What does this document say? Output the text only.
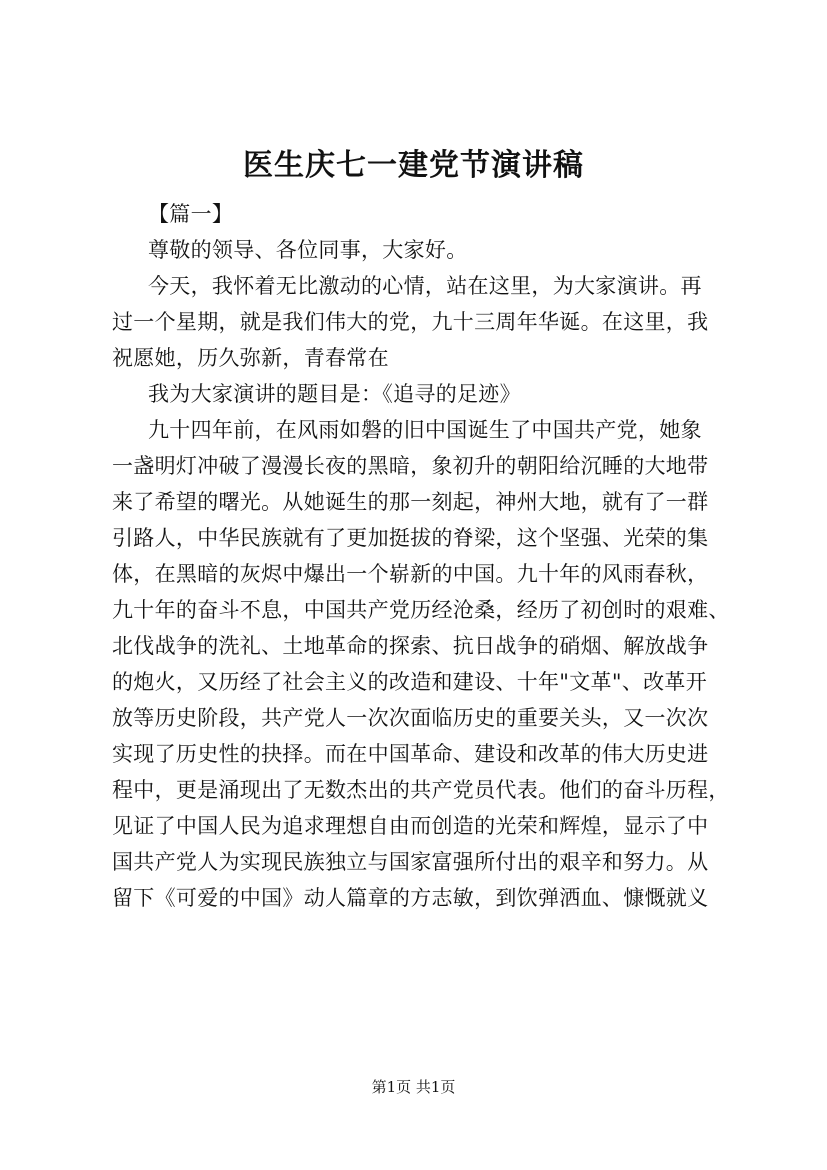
医生庆七一建党节演讲稿
【篇一】
尊敬的领导、各位同事，大家好。
今天，我怀着无比激动的心情，站在这里，为大家演讲。再
过一个星期，就是我们伟大的党，九十三周年华诞。在这里，我
祝愿她，历久弥新，青春常在
我为大家演讲的题目是：《追寻的足迹》
九十四年前，在风雨如磐的旧中国诞生了中国共产党，她象
一盏明灯冲破了漫漫长夜的黑暗，象初升的朝阳给沉睡的大地带
来了希望的曙光。从她诞生的那一刻起，神州大地，就有了一群
引路人，中华民族就有了更加挺拔的脊梁，这个坚强、光荣的集
体，在黑暗的灰烬中爆出一个崭新的中国。九十年的风雨春秋，
九十年的奋斗不息，中国共产党历经沧桑，经历了初创时的艰难、
北伐战争的洗礼、土地革命的探索、抗日战争的硝烟、解放战争
的炮火，又历经了社会主义的改造和建设、十年"文革"、改革开
放等历史阶段，共产党人一次次面临历史的重要关头，又一次次
实现了历史性的抉择。而在中国革命、建设和改革的伟大历史进
程中，更是涌现出了无数杰出的共产党员代表。他们的奋斗历程，
见证了中国人民为追求理想自由而创造的光荣和辉煌，显示了中
国共产党人为实现民族独立与国家富强所付出的艰辛和努力。从
留下《可爱的中国》动人篇章的方志敏，到饮弹洒血、慷慨就义
第1页 共1页
